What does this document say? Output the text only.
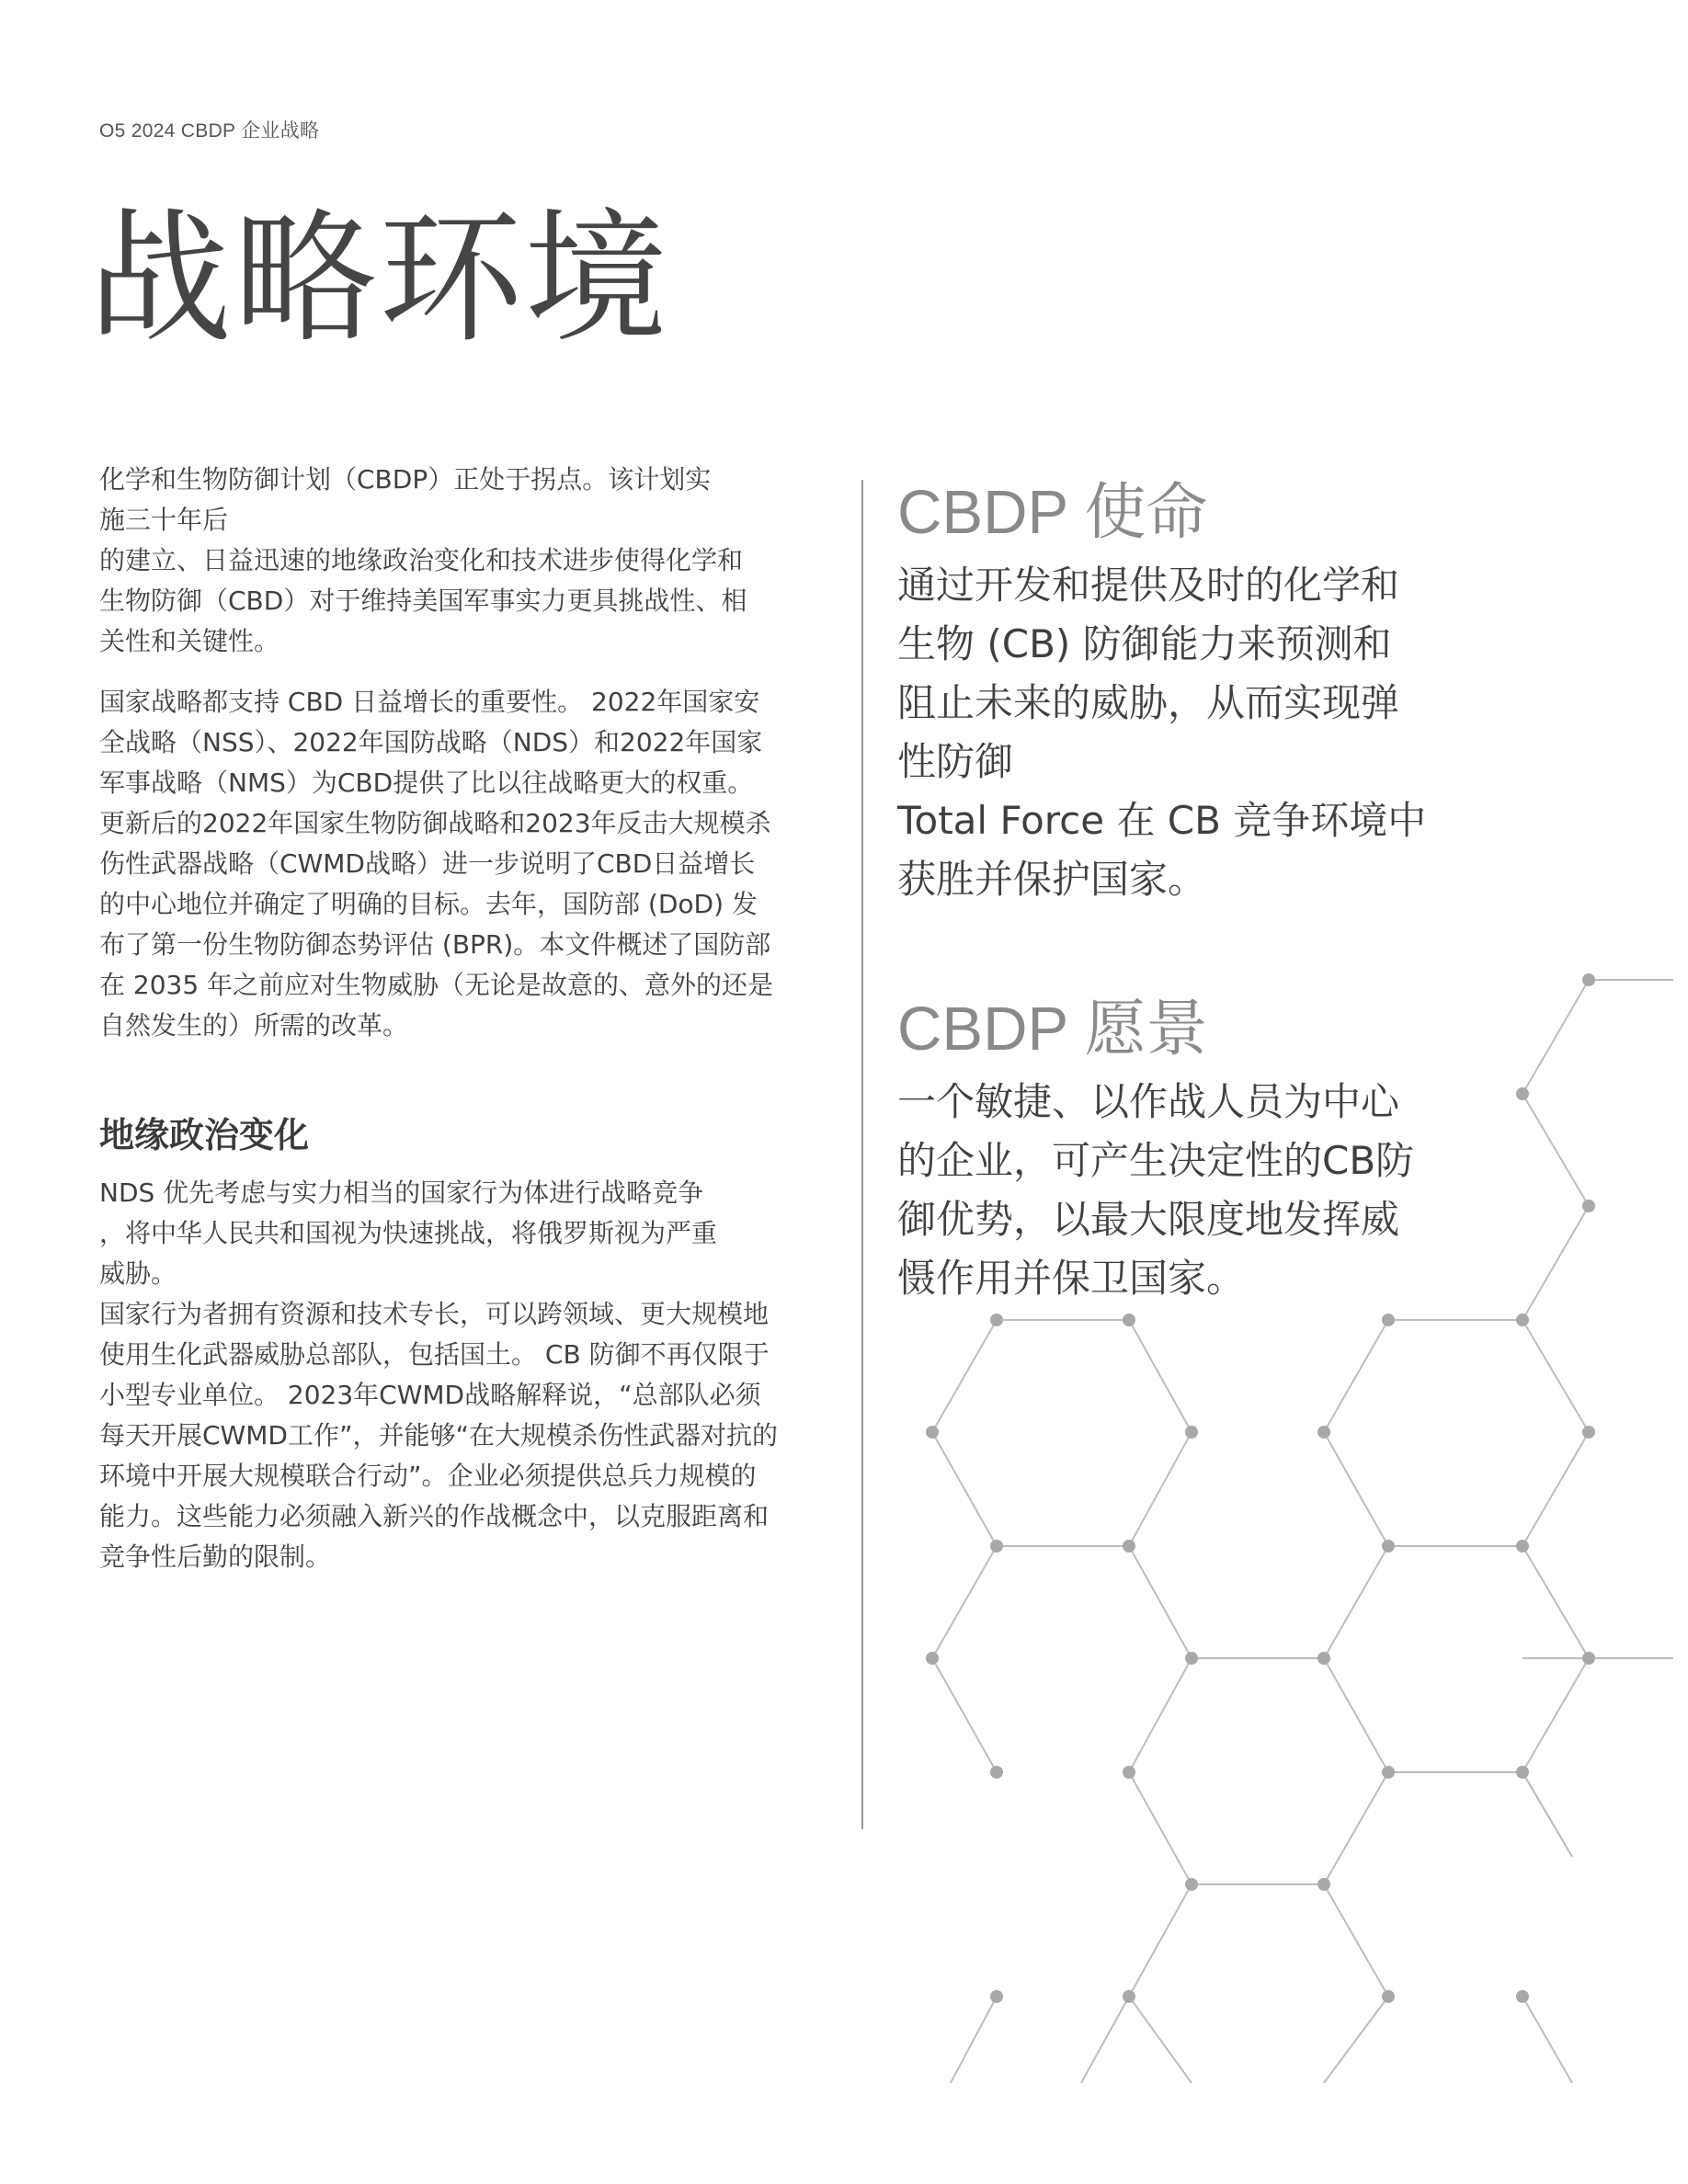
O5 2024 CBDP 企业战略
战略环境
化学和生物防御计划（CBDP）正处于拐点。该计划实
施三十年后
的建立、日益迅速的地缘政治变化和技术进步使得化学和
生物防御（CBD）对于维持美国军事实力更具挑战性、相
关性和关键性。
国家战略都支持 CBD 日益增长的重要性。 2022年国家安
全战略（NSS）、2022年国防战略（NDS）和2022年国家
军事战略（NMS）为CBD提供了比以往战略更大的权重。
更新后的2022年国家生物防御战略和2023年反击大规模杀
伤性武器战略（CWMD战略）进一步说明了CBD日益增长
的中心地位并确定了明确的目标。去年，国防部 (DoD) 发
布了第一份生物防御态势评估 (BPR)。本文件概述了国防部
在 2035 年之前应对生物威胁（无论是故意的、意外的还是
自然发生的）所需的改革。
地缘政治变化
NDS 优先考虑与实力相当的国家行为体进行战略竞争
，将中华人民共和国视为快速挑战，将俄罗斯视为严重
威胁。
国家行为者拥有资源和技术专长，可以跨领域、更大规模地
使用生化武器威胁总部队，包括国土。 CB 防御不再仅限于
小型专业单位。 2023年CWMD战略解释说，“总部队必须
每天开展CWMD工作”，并能够“在大规模杀伤性武器对抗的
环境中开展大规模联合行动”。企业必须提供总兵力规模的
能力。这些能力必须融入新兴的作战概念中，以克服距离和
竞争性后勤的限制。
CBDP 使命
通过开发和提供及时的化学和
生物 (CB) 防御能力来预测和
阻止未来的威胁，从而实现弹
性防御
Total Force 在 CB 竞争环境中
获胜并保护国家。
CBDP 愿景
一个敏捷、以作战人员为中心
的企业，可产生决定性的CB防
御优势，以最大限度地发挥威
慑作用并保卫国家。
